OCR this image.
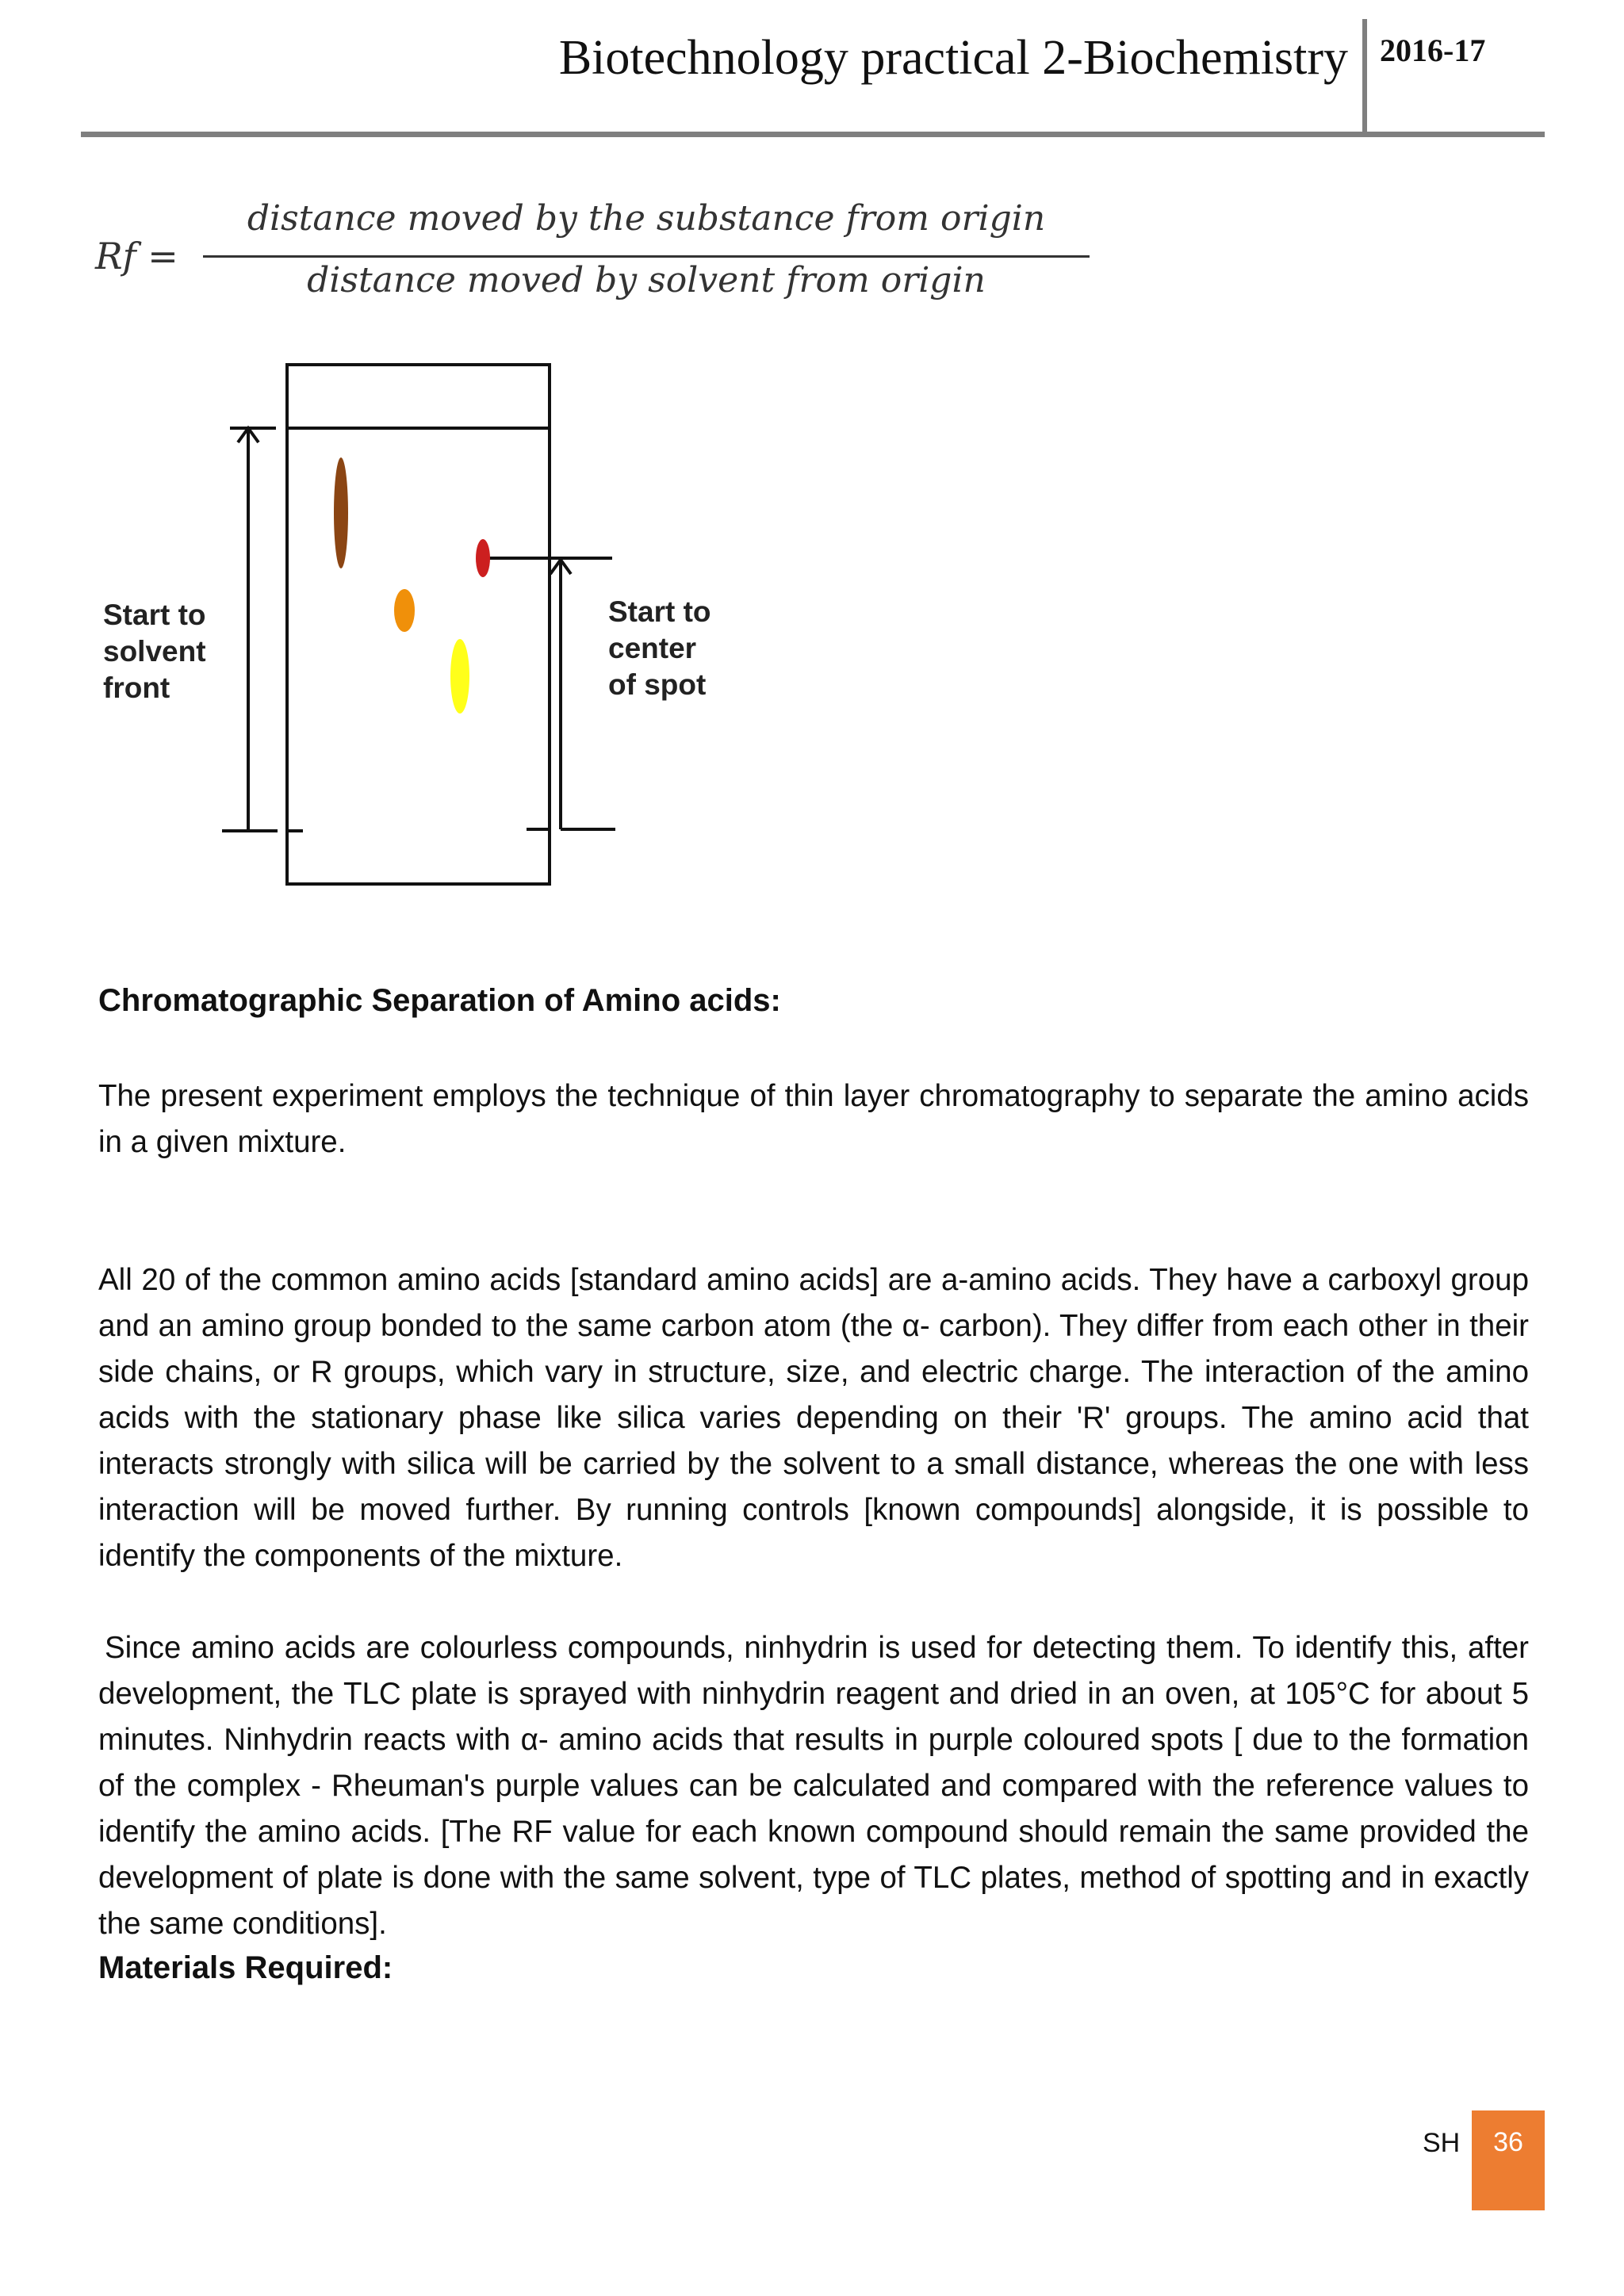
Biotechnology practical 2-Biochemistry 2016-17
Rf =
distance moved by the substance from origin
distance moved by solvent from origin
Start to solvent front
Start to center of spot
Chromatographic Separation of Amino acids:
The present experiment employs the technique of thin layer chromatography to separate the amino acids in a given mixture.
All 20 of the common amino acids [standard amino acids] are a-amino acids. They have a carboxyl group and an amino group bonded to the same carbon atom (the α- carbon). They differ from each other in their side chains, or R groups, which vary in structure, size, and electric charge. The interaction of the amino acids with the stationary phase like silica varies depending on their 'R' groups. The amino acid that interacts strongly with silica will be carried by the solvent to a small distance, whereas the one with less interaction will be moved further. By running controls [known compounds] alongside, it is possible to identify the components of the mixture.
Since amino acids are colourless compounds, ninhydrin is used for detecting them. To identify this, after development, the TLC plate is sprayed with ninhydrin reagent and dried in an oven, at 105°C for about 5 minutes. Ninhydrin reacts with α- amino acids that results in purple coloured spots [ due to the formation of the complex - Rheuman's purple values can be calculated and compared with the reference values to identify the amino acids. [The RF value for each known compound should remain the same provided the development of plate is done with the same solvent, type of TLC plates, method of spotting and in exactly the same conditions].
Materials Required:
SH	36
